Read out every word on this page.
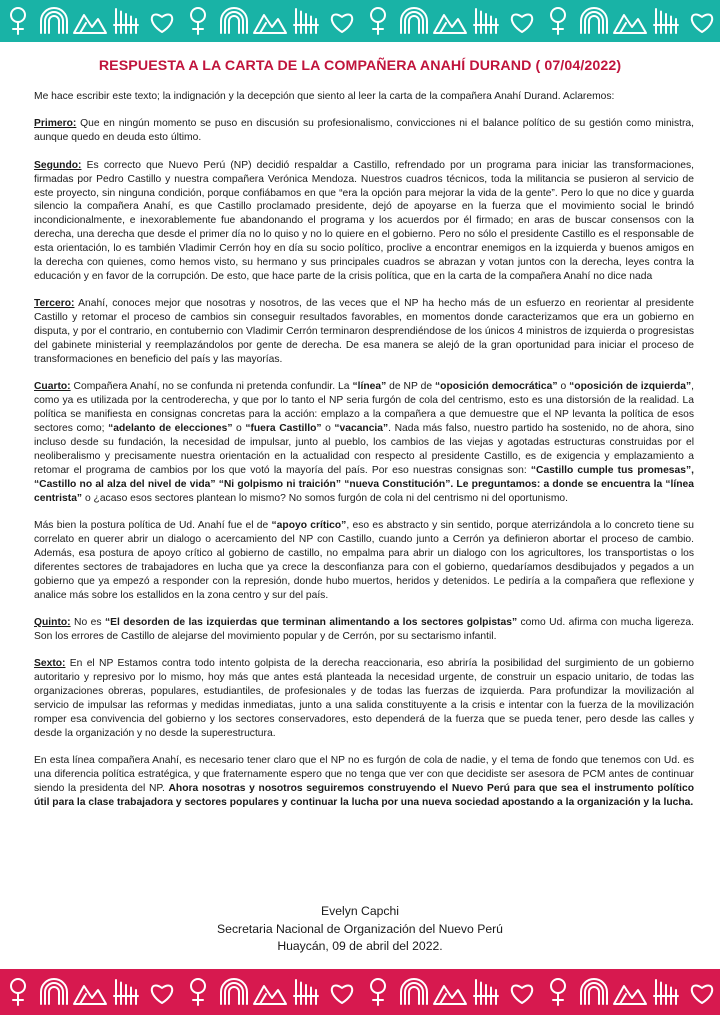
RESPUESTA A LA CARTA DE LA COMPAÑERA ANAHÍ DURAND ( 07/04/2022)

Me hace escribir este texto; la indignación y la decepción que siento al leer la carta de la compañera Anahí Durand. Aclaremos:

Primero: Que en ningún momento se puso en discusión su profesionalismo, convicciones ni el balance político de su gestión como ministra, aunque quedo en deuda esto último.

Segundo: Es correcto que Nuevo Perú (NP) decidió respaldar a Castillo, refrendado por un programa para iniciar las transformaciones, firmadas por Pedro Castillo y nuestra compañera Verónica Mendoza. Nuestros cuadros técnicos, toda la militancia se pusieron al servicio de este proyecto, sin ninguna condición, porque confiábamos en que “era la opción para mejorar la vida de la gente”. Pero lo que no dice y guarda silencio la compañera Anahí, es que Castillo proclamado presidente, dejó de apoyarse en la fuerza que el movimiento social le brindó incondicionalmente, e inexorablemente fue abandonando el programa y los acuerdos por él firmado; en aras de buscar consensos con la derecha, una derecha que desde el primer día no lo quiso y no lo quiere en el gobierno. Pero no sólo el presidente Castillo es el responsable de esta orientación, lo es también Vladimir Cerrón hoy en día su socio político, proclive a encontrar enemigos en la izquierda y buenos amigos en la derecha con quienes, como hemos visto, su hermano y sus principales cuadros se abrazan y votan juntos con la derecha, leyes contra la educación y en favor de la corrupción. De esto, que hace parte de la crisis política, que en la carta de la compañera Anahí no dice nada

Tercero: Anahí, conoces mejor que nosotras y nosotros, de las veces que el NP ha hecho más de un esfuerzo en reorientar al presidente Castillo y retomar el proceso de cambios sin conseguir resultados favorables, en momentos donde caracterizamos que era un gobierno en disputa, y por el contrario, en contubernio con Vladimir Cerrón terminaron desprendiéndose de los únicos 4 ministros de izquierda o progresistas del gabinete ministerial y reemplazándolos por gente de derecha. De esa manera se alejó de la gran oportunidad para iniciar el proceso de transformaciones en beneficio del país y las mayorías.

Cuarto: Compañera Anahí, no se confunda ni pretenda confundir. La “línea” de NP de “oposición democrática” o “oposición de izquierda”, como ya es utilizada por la centroderecha, y que por lo tanto el NP seria furgón de cola del centrismo, esto es una distorsión de la realidad. La política se manifiesta en consignas concretas para la acción: emplazo a la compañera a que demuestre que el NP levanta la política de esos sectores como; “adelanto de elecciones” o “fuera Castillo” o “vacancia”. Nada más falso, nuestro partido ha sostenido, no de ahora, sino incluso desde su fundación, la necesidad de impulsar, junto al pueblo, los cambios de las viejas y agotadas estructuras construidas por el neoliberalismo y precisamente nuestra orientación en la actualidad con respecto al presidente Castillo, es de exigencia y emplazamiento a retomar el programa de cambios por los que votó la mayoría del país. Por eso nuestras consignas son: “Castillo cumple tus promesas”, “Castillo no al alza del nivel de vida” “Ni golpismo ni traición” “nueva Constitución”. Le preguntamos: a donde se encuentra la “línea centrista” o ¿acaso esos sectores plantean lo mismo? No somos furgón de cola ni del centrismo ni del oportunismo.

Más bien la postura política de Ud. Anahí fue el de “apoyo crítico”, eso es abstracto y sin sentido, porque aterrizándola a lo concreto tiene su correlato en querer abrir un dialogo o acercamiento del NP con Castillo, cuando junto a Cerrón ya definieron abortar el proceso de cambio. Además, esa postura de apoyo crítico al gobierno de castillo, no empalma para abrir un dialogo con los agricultores, los transportistas o los diferentes sectores de trabajadores en lucha que ya crece la desconfianza para con el gobierno, quedaríamos desdibujados y pegados a un gobierno que ya empezó a responder con la represión, donde hubo muertos, heridos y detenidos. Le pediría a la compañera que reflexione y analice más sobre los estallidos en la zona centro y sur del país.

Quinto: No es “El desorden de las izquierdas que terminan alimentando a los sectores golpistas” como Ud. afirma con mucha ligereza. Son los errores de Castillo de alejarse del movimiento popular y de Cerrón, por su sectarismo infantil.

Sexto: En el NP Estamos contra todo intento golpista de la derecha reaccionaria, eso abriría la posibilidad del surgimiento de un gobierno autoritario y represivo por lo mismo, hoy más que antes está planteada la necesidad urgente, de construir un espacio unitario, de todas las organizaciones obreras, populares, estudiantiles, de profesionales y de todas las fuerzas de izquierda. Para profundizar la movilización al servicio de impulsar las reformas y medidas inmediatas, junto a una salida constituyente a la crisis e intentar con la fuerza de la movilización romper esa convivencia del gobierno y los sectores conservadores, esto dependerá de la fuerza que se pueda tener, pero desde las calles y desde la organización y no desde la superestructura.

En esta línea compañera Anahí, es necesario tener claro que el NP no es furgón de cola de nadie, y el tema de fondo que tenemos con Ud. es una diferencia política estratégica, y que fraternamente espero que no tenga que ver con que decidiste ser asesora de PCM antes de continuar siendo la presidenta del NP. Ahora nosotras y nosotros seguiremos construyendo el Nuevo Perú para que sea el instrumento político útil para la clase trabajadora y sectores populares y continuar la lucha por una nueva sociedad apostando a la organización y la lucha.

Evelyn Capchi
Secretaria Nacional de Organización del Nuevo Perú
Huaycán, 09 de abril del 2022.
